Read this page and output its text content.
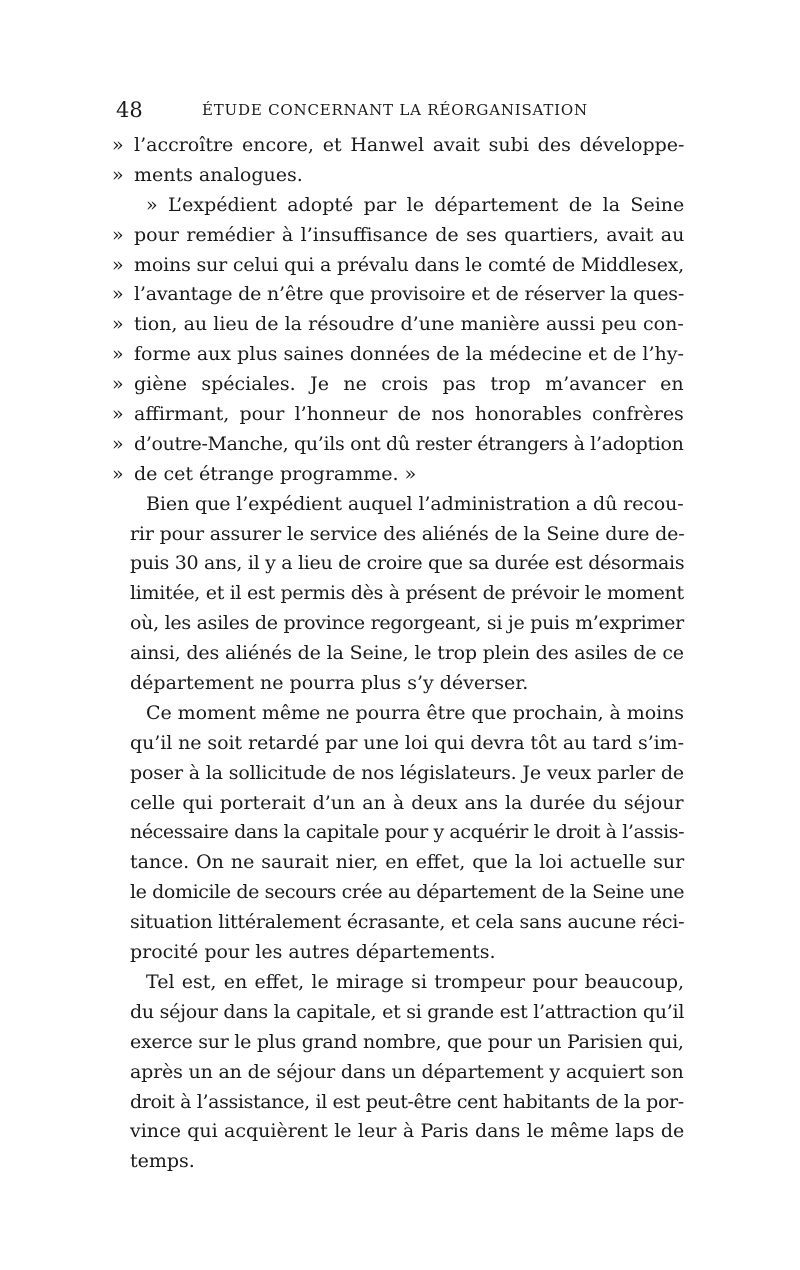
48	ÉTUDE CONCERNANT LA RÉORGANISATION
» l’accroître encore, et Hanwel avait subi des développe-
» ments analogues.
» L’expédient adopté par le département de la Seine
» pour remédier à l’insuffisance de ses quartiers, avait au
» moins sur celui qui a prévalu dans le comté de Middlesex,
» l’avantage de n’être que provisoire et de réserver la ques-
» tion, au lieu de la résoudre d’une manière aussi peu con-
» forme aux plus saines données de la médecine et de l’hy-
» giène spéciales. Je ne crois pas trop m’avancer en
» affirmant, pour l’honneur de nos honorables confrères
» d’outre-Manche, qu’ils ont dû rester étrangers à l’adoption
» de cet étrange programme. »
Bien que l’expédient auquel l’administration a dû recou-
rir pour assurer le service des aliénés de la Seine dure de-
puis 30 ans, il y a lieu de croire que sa durée est désormais
limitée, et il est permis dès à présent de prévoir le moment
où, les asiles de province regorgeant, si je puis m’exprimer
ainsi, des aliénés de la Seine, le trop plein des asiles de ce
département ne pourra plus s’y déverser.
Ce moment même ne pourra être que prochain, à moins
qu’il ne soit retardé par une loi qui devra tôt au tard s’im-
poser à la sollicitude de nos législateurs. Je veux parler de
celle qui porterait d’un an à deux ans la durée du séjour
nécessaire dans la capitale pour y acquérir le droit à l’assis-
tance. On ne saurait nier, en effet, que la loi actuelle sur
le domicile de secours crée au département de la Seine une
situation littéralement écrasante, et cela sans aucune réci-
procité pour les autres départements.
Tel est, en effet, le mirage si trompeur pour beaucoup,
du séjour dans la capitale, et si grande est l’attraction qu’il
exerce sur le plus grand nombre, que pour un Parisien qui,
après un an de séjour dans un département y acquiert son
droit à l’assistance, il est peut-être cent habitants de la por-
vince qui acquièrent le leur à Paris dans le même laps de
temps.
